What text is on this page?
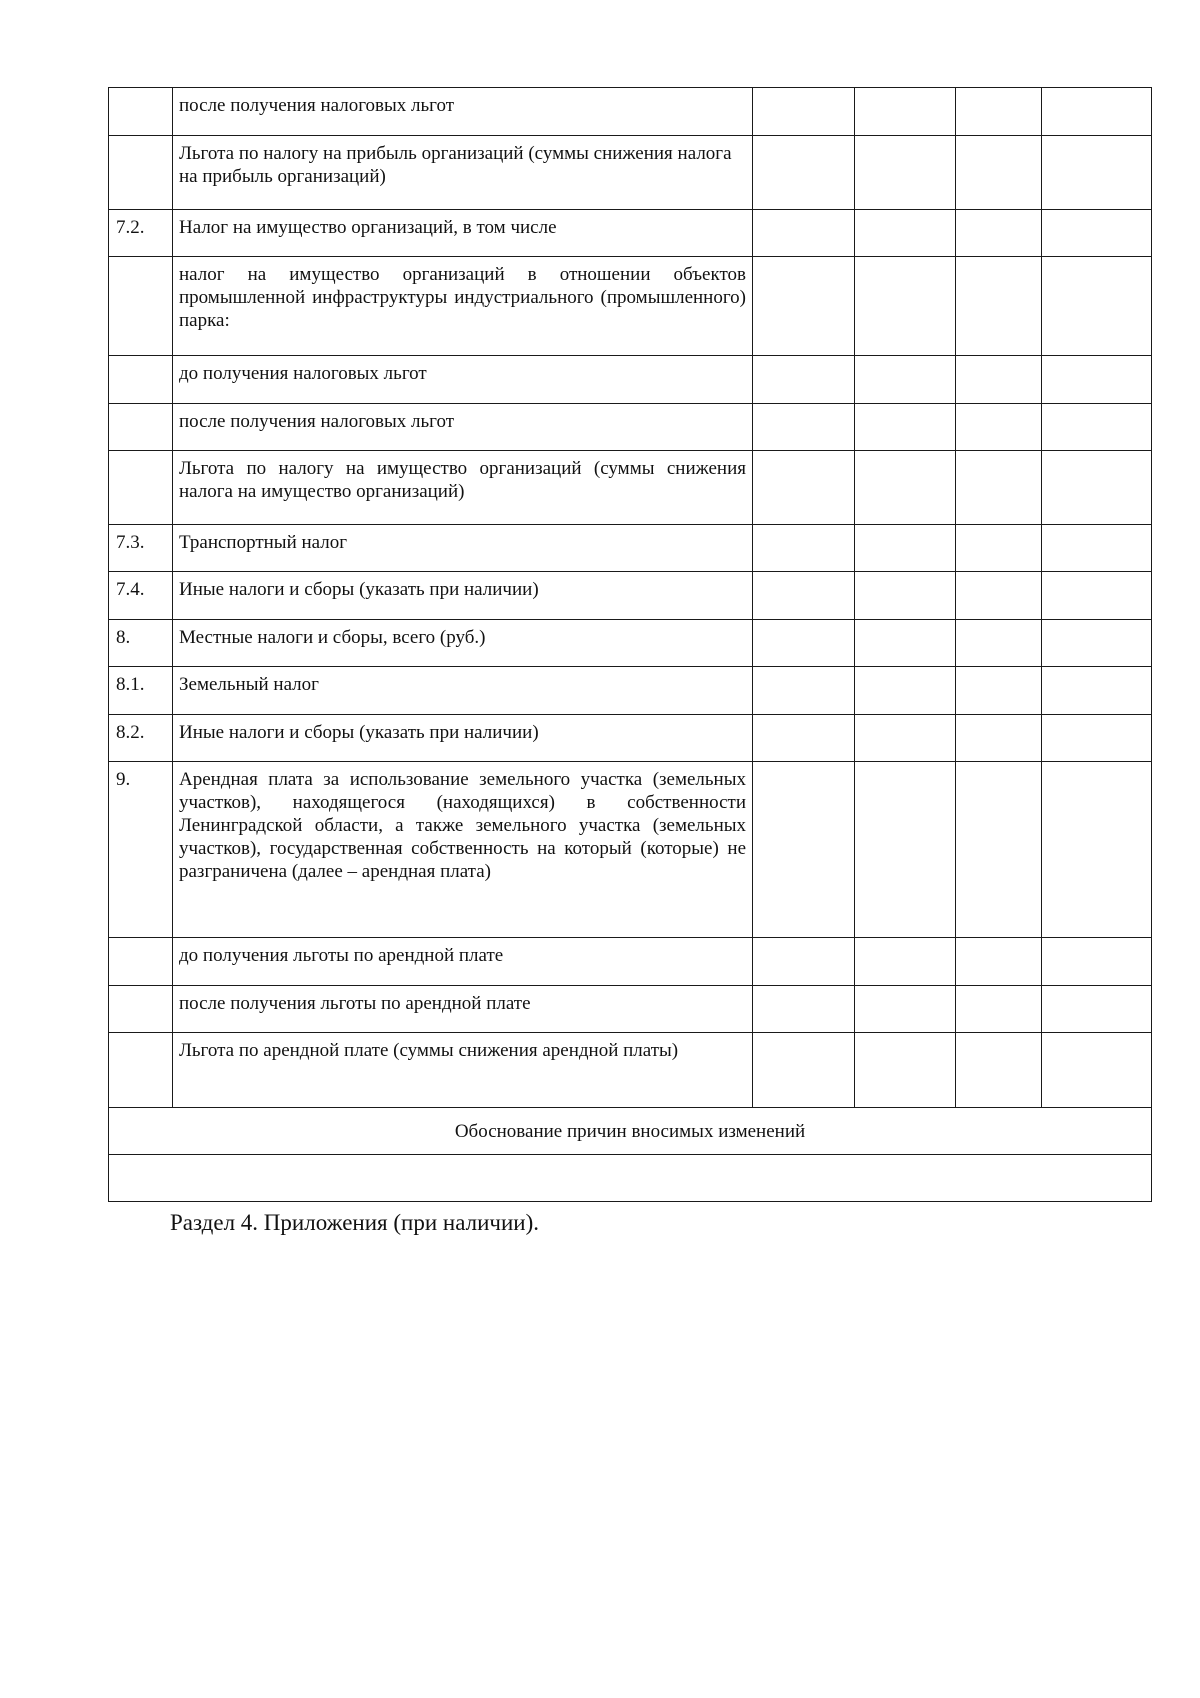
	после получения налоговых льгот				
	Льгота по налогу на прибыль организаций (суммы снижения налога на прибыль организаций)				
7.2.	Налог на имущество организаций, в том числе				
	налог на имущество организаций в отношении объектов промышленной инфраструктуры индустриального (промышленного) парка:				
	до получения налоговых льгот				
	после получения налоговых льгот				
	Льгота по налогу на имущество организаций (суммы снижения налога на имущество организаций)				
7.3.	Транспортный налог				
7.4.	Иные налоги и сборы (указать при наличии)				
8.	Местные налоги и сборы, всего (руб.)				
8.1.	Земельный налог				
8.2.	Иные налоги и сборы (указать при наличии)				
9.	Арендная плата за использование земельного участка (земельных участков), находящегося (находящихся) в собственности Ленинградской области, а также земельного участка (земельных участков), государственная собственность на который (которые) не разграничена (далее – арендная плата)				
	до получения льготы по арендной плате				
	после получения льготы по арендной плате				
	Льгота по арендной плате (суммы снижения арендной платы)				
Обоснование причин вносимых изменений					

Раздел 4. Приложения (при наличии).
